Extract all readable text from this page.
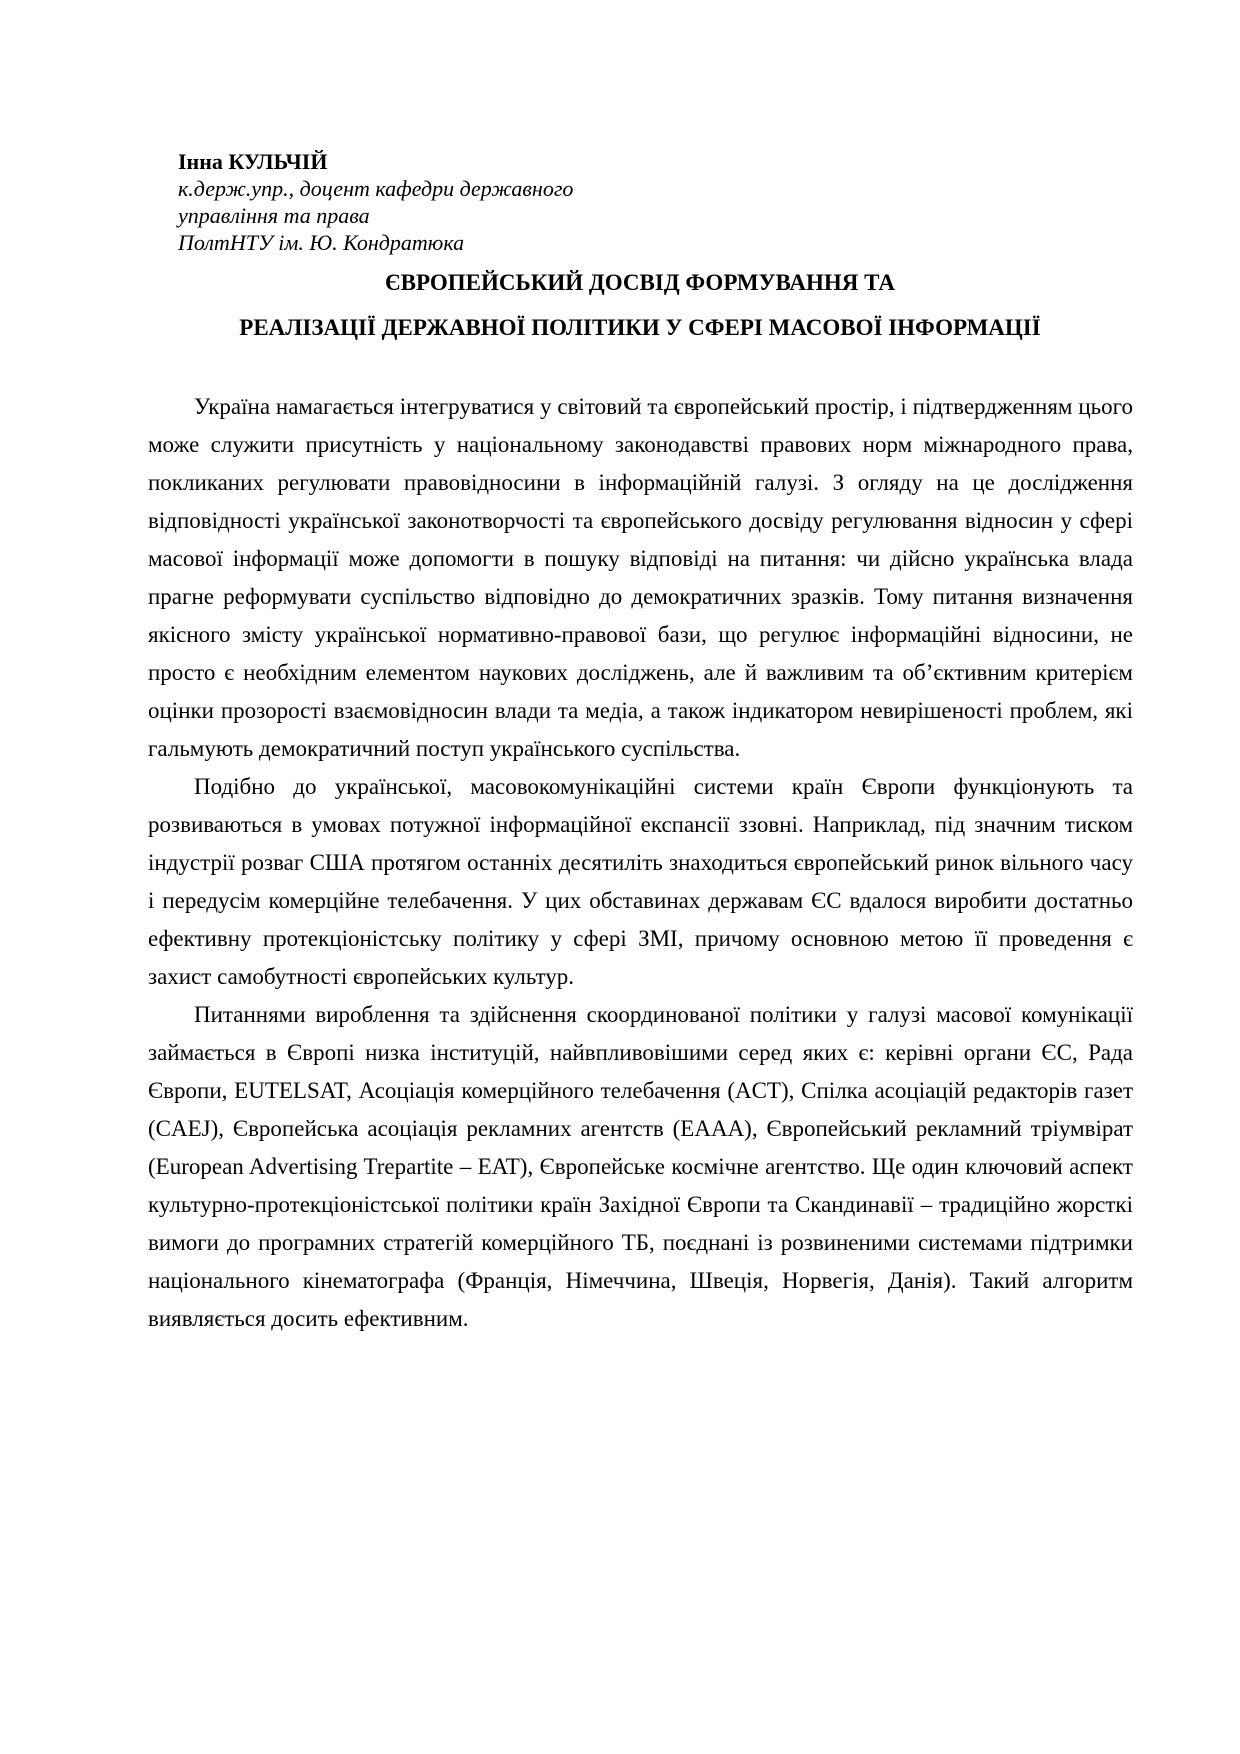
Інна КУЛЬЧІЙ
к.держ.упр., доцент кафедри державного
управління та права
ПолтНТУ ім. Ю. Кондратюка
ЄВРОПЕЙСЬКИЙ ДОСВІД ФОРМУВАННЯ ТА
РЕАЛІЗАЦІЇ ДЕРЖАВНОЇ ПОЛІТИКИ У СФЕРІ МАСОВОЇ ІНФОРМАЦІЇ

Україна намагається інтегруватися у світовий та європейський простір, і підтвердженням цього може служити присутність у національному законодавстві правових норм міжнародного права, покликаних регулювати правовідносини в інформаційній галузі. З огляду на це дослідження відповідності української законотворчості та європейського досвіду регулювання відносин у сфері масової інформації може допомогти в пошуку відповіді на питання: чи дійсно українська влада прагне реформувати суспільство відповідно до демократичних зразків. Тому питання визначення якісного змісту української нормативно-правової бази, що регулює інформаційні відносини, не просто є необхідним елементом наукових досліджень, але й важливим та об’єктивним критерієм оцінки прозорості взаємовідносин влади та медіа, а також індикатором невирішеності проблем, які гальмують демократичний поступ українського суспільства.

Подібно до української, масовокомунікаційні системи країн Європи функціонують та розвиваються в умовах потужної інформаційної експансії ззовні. Наприклад, під значним тиском індустрії розваг США протягом останніх десятиліть знаходиться європейський ринок вільного часу і передусім комерційне телебачення. У цих обставинах державам ЄС вдалося виробити достатньо ефективну протекціоністську політику у сфері ЗМІ, причому основною метою її проведення є захист самобутності європейських культур.

Питаннями вироблення та здійснення скоординованої політики у галузі масової комунікації займається в Європі низка інституцій, найвпливовішими серед яких є: керівні органи ЄС, Рада Європи, EUTELSAT, Асоціація комерційного телебачення (ACT), Спілка асоціацій редакторів газет (CAEJ), Європейська асоціація рекламних агентств (EAAA), Європейський рекламний тріумвірат (European Advertising Trepartite – EAT), Європейське космічне агентство. Ще один ключовий аспект культурно-протекціоністської політики країн Західної Європи та Скандинавії – традиційно жорсткі вимоги до програмних стратегій комерційного ТБ, поєднані із розвиненими системами підтримки національного кінематографа (Франція, Німеччина, Швеція, Норвегія, Данія). Такий алгоритм виявляється досить ефективним.
